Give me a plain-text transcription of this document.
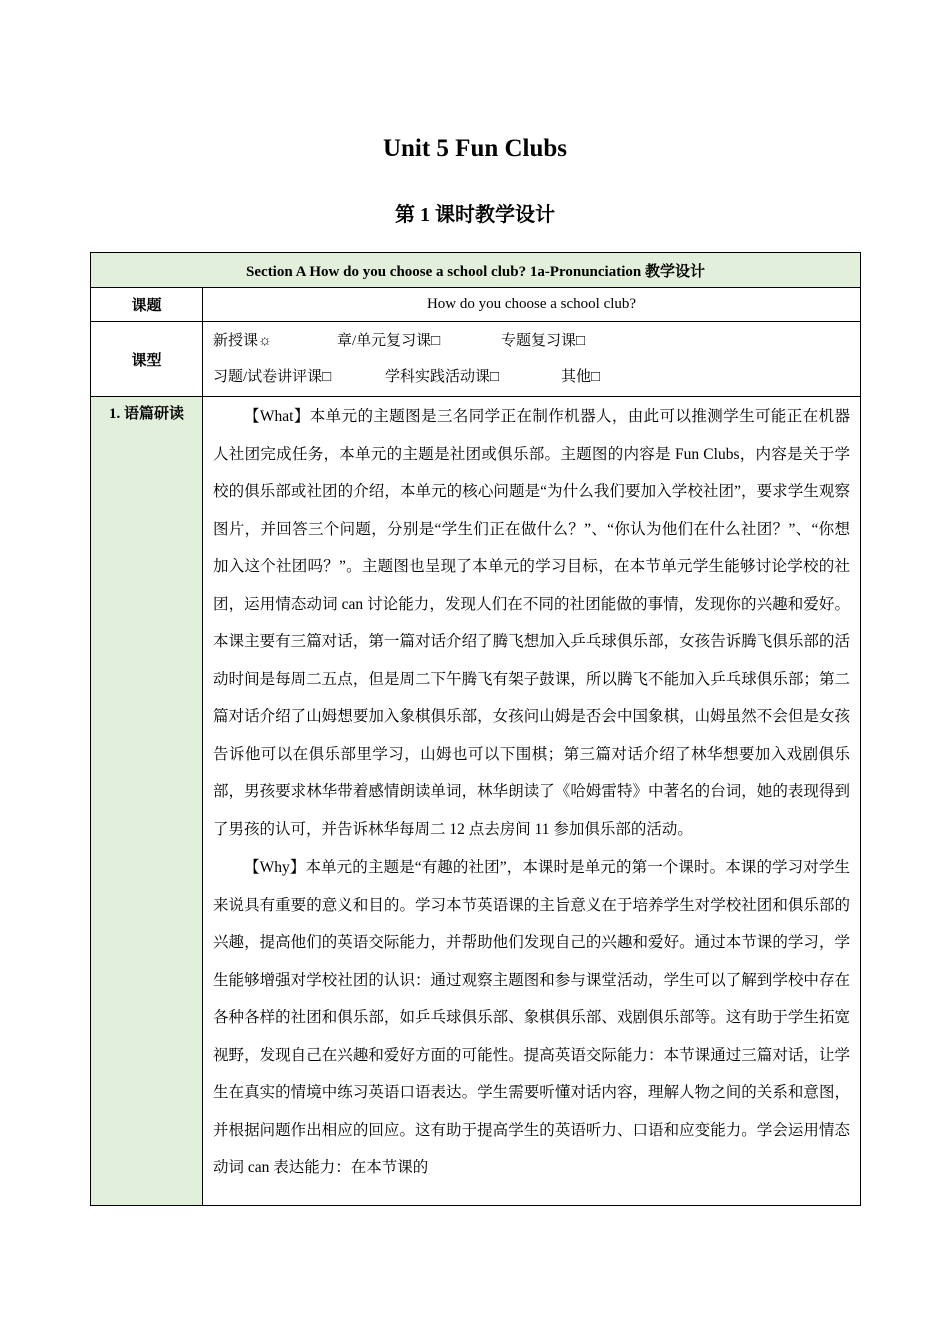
Unit 5 Fun Clubs
第 1 课时教学设计
Section A How do you choose a school club? 1a-Pronunciation 教学设计	
课题	How do you choose a school club?
课型	新授课☼ 章/单元复习课□ 专题复习课□
习题/试卷讲评课□ 学科实践活动课□ 其他□

1. 语篇研读	【What】本单元的主题图是三名同学正在制作机器人，由此可以推测学生可能正在机器人社团完成任务，本单元的主题是社团或俱乐部。主题图的内容是 Fun Clubs，内容是关于学校的俱乐部或社团的介绍，本单元的核心问题是“为什么我们要加入学校社团”，要求学生观察图片，并回答三个问题，分别是“学生们正在做什么？”、“你认为他们在什么社团？”、“你想加入这个社团吗？”。主题图也呈现了本单元的学习目标，在本节单元学生能够讨论学校的社团，运用情态动词 can 讨论能力，发现人们在不同的社团能做的事情，发现你的兴趣和爱好。本课主要有三篇对话，第一篇对话介绍了腾飞想加入乒乓球俱乐部，女孩告诉腾飞俱乐部的活动时间是每周二五点，但是周二下午腾飞有架子鼓课，所以腾飞不能加入乒乓球俱乐部；第二篇对话介绍了山姆想要加入象棋俱乐部，女孩问山姆是否会中国象棋，山姆虽然不会但是女孩告诉他可以在俱乐部里学习，山姆也可以下围棋；第三篇对话介绍了林华想要加入戏剧俱乐部，男孩要求林华带着感情朗读单词，林华朗读了《哈姆雷特》中著名的台词，她的表现得到了男孩的认可，并告诉林华每周二 12 点去房间 11 参加俱乐部的活动。
【Why】本单元的主题是“有趣的社团”，本课时是单元的第一个课时。本课的学习对学生来说具有重要的意义和目的。学习本节英语课的主旨意义在于培养学生对学校社团和俱乐部的兴趣，提高他们的英语交际能力，并帮助他们发现自己的兴趣和爱好。通过本节课的学习，学生能够增强对学校社团的认识：通过观察主题图和参与课堂活动，学生可以了解到学校中存在各种各样的社团和俱乐部，如乒乓球俱乐部、象棋俱乐部、戏剧俱乐部等。这有助于学生拓宽视野，发现自己在兴趣和爱好方面的可能性。提高英语交际能力：本节课通过三篇对话，让学生在真实的情境中练习英语口语表达。学生需要听懂对话内容，理解人物之间的关系和意图，并根据问题作出相应的回应。这有助于提高学生的英语听力、口语和应变能力。学会运用情态动词 can 表达能力：在本节课的
